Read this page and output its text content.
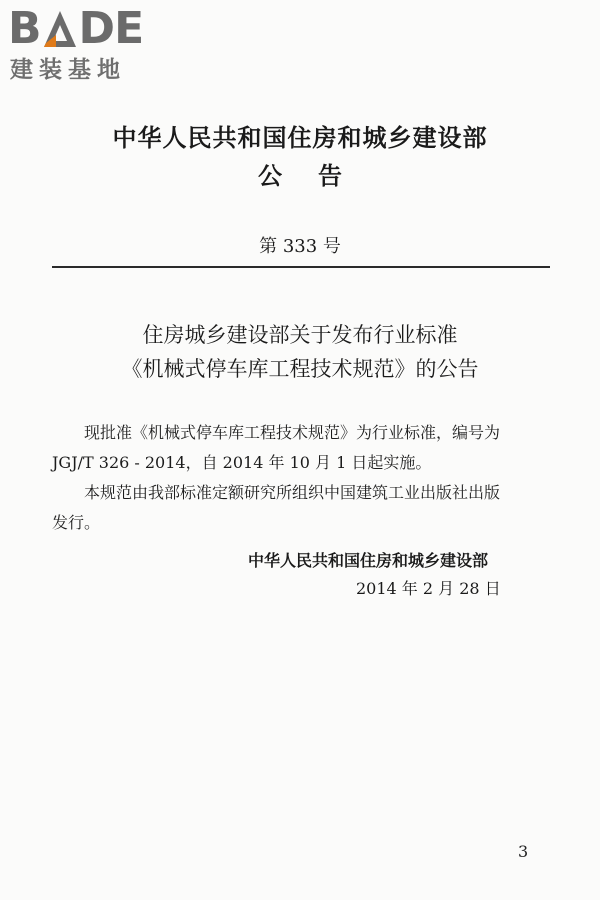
B DE
建装基地
中华人民共和国住房和城乡建设部
公告
第 333 号
住房城乡建设部关于发布行业标准
《机械式停车库工程技术规范》的公告

现批准《机械式停车库工程技术规范》为行业标准，编号为

JGJ/T 326 - 2014，自 2014 年 10 月 1 日起实施。

本规范由我部标准定额研究所组织中国建筑工业出版社出版

发行。

中华人民共和国住房和城乡建设部
2014 年 2 月 28 日
3
